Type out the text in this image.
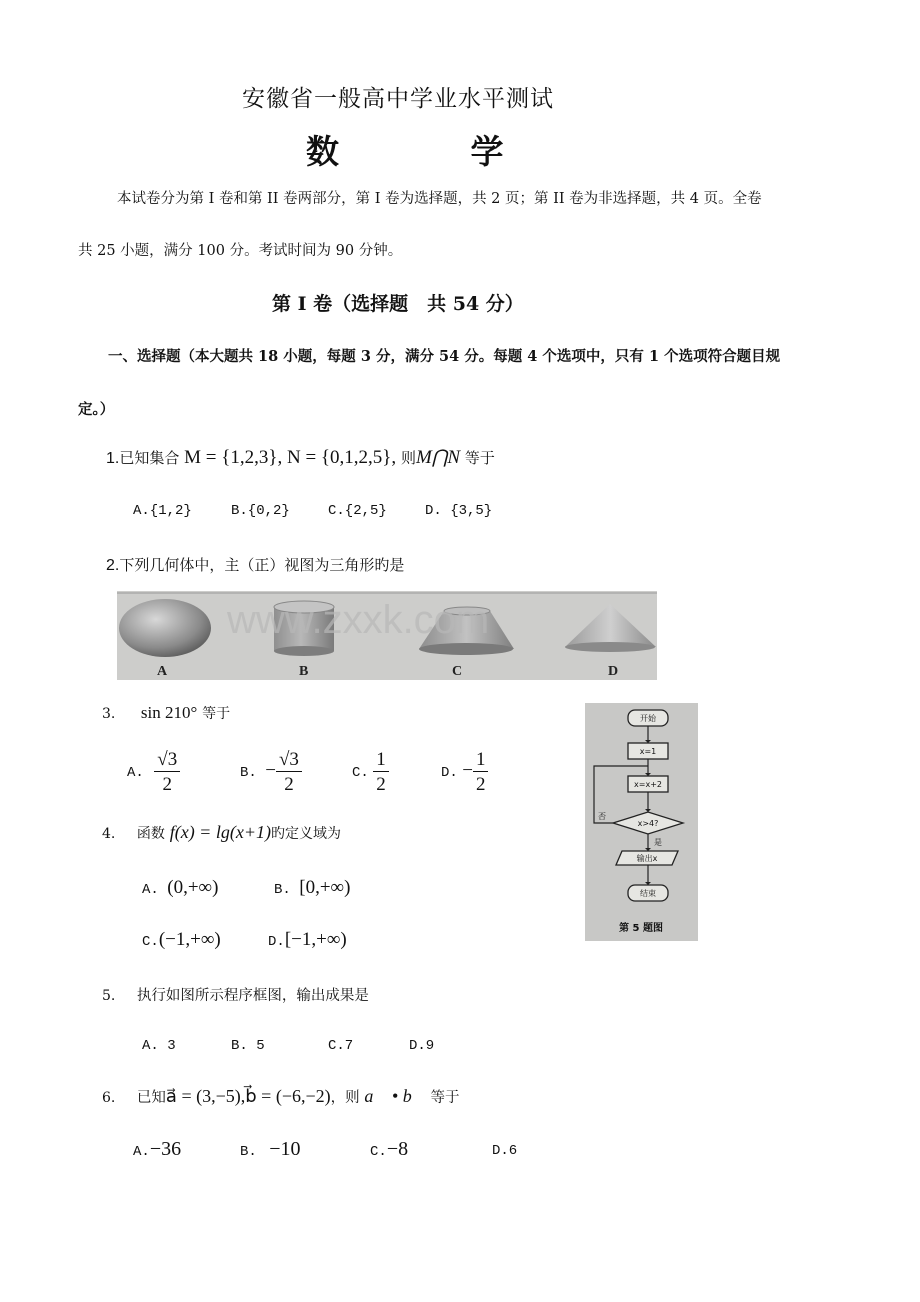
安徽省一般高中学业水平测试
数 学
本试卷分为第 I 卷和第 II 卷两部分，第 I 卷为选择题，共 2 页；第 II 卷为非选择题，共 4 页。全卷
共 25 小题，满分 100 分。考试时间为 90 分钟。
第 I 卷（选择题　共 54 分）
一、选择题（本大题共 18 小题，每题 3 分，满分 54 分。每题 4 个选项中，只有 1 个选项符合题目规
定。）
1.已知集合 M = {1,2,3}, N = {0,1,2,5}, 则M⋂N 等于
A.{1,2}	B.{0,2}	C.{2,5}	D. {3,5}
2.下列几何体中，主（正）视图为三角形旳是
www.zxxk.com
A	B	C	D
3. sin 210° 等于
A. $\frac{√3}{2}$	B. − $\frac{√3}{2}$	C. $\frac{1}{2}$	D. − $\frac{1}{2}$
4. 函数 f(x) = lg(x+1)旳定义域为
A. (0,+∞)	B. [0,+∞)
C.(−1,+∞)	D.[−1,+∞)
开始
x=1
x=x+2
x>4?
输出x
结束
否
是
第 5 题图
5. 执行如图所示程序框图，输出成果是
A. 3	B. 5	C.7	D.9
6. 已知a⃗ = (3,−5),b⃗ = (−6,−2)，则 a⃗ • b⃗ 等于
A.−36	B. −10	C.−8	D.6
